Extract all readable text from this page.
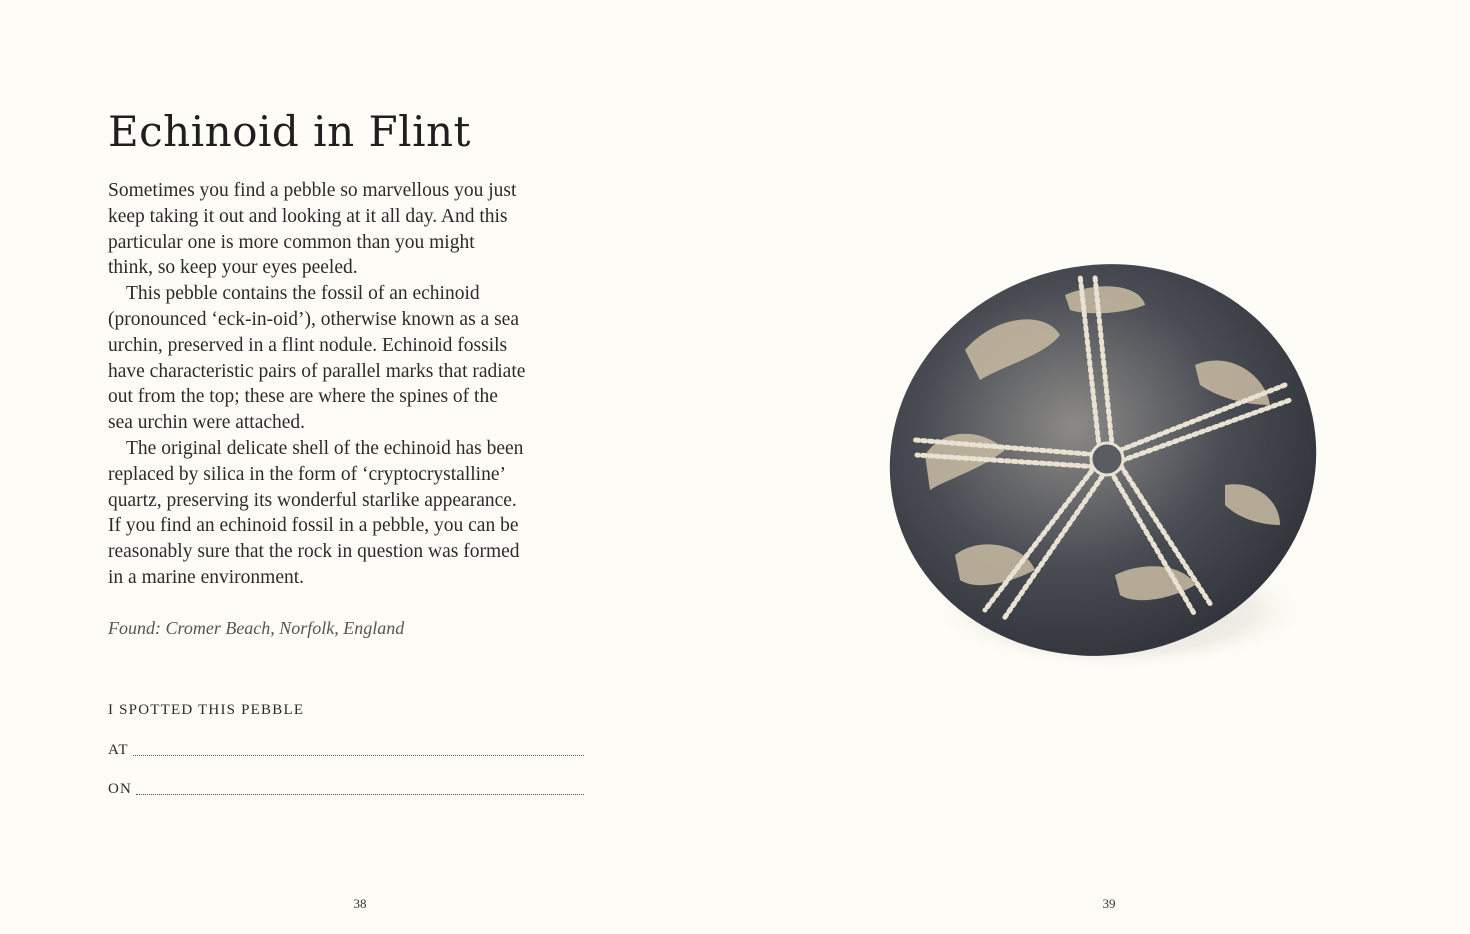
Echinoid in Flint

Sometimes you find a pebble so marvellous you just

keep taking it out and looking at it all day. And this

particular one is more common than you might

think, so keep your eyes peeled.

This pebble contains the fossil of an echinoid

(pronounced ‘eck-in-oid’), otherwise known as a sea

urchin, preserved in a flint nodule. Echinoid fossils

have characteristic pairs of parallel marks that radiate

out from the top; these are where the spines of the

sea urchin were attached.

The original delicate shell of the echinoid has been

replaced by silica in the form of ‘cryptocrystalline’

quartz, preserving its wonderful starlike appearance.

If you find an echinoid fossil in a pebble, you can be

reasonably sure that the rock in question was formed

in a marine environment.

Found: Cromer Beach, Norfolk, England
I SPOTTED THIS PEBBLE
AT
ON
38	39
